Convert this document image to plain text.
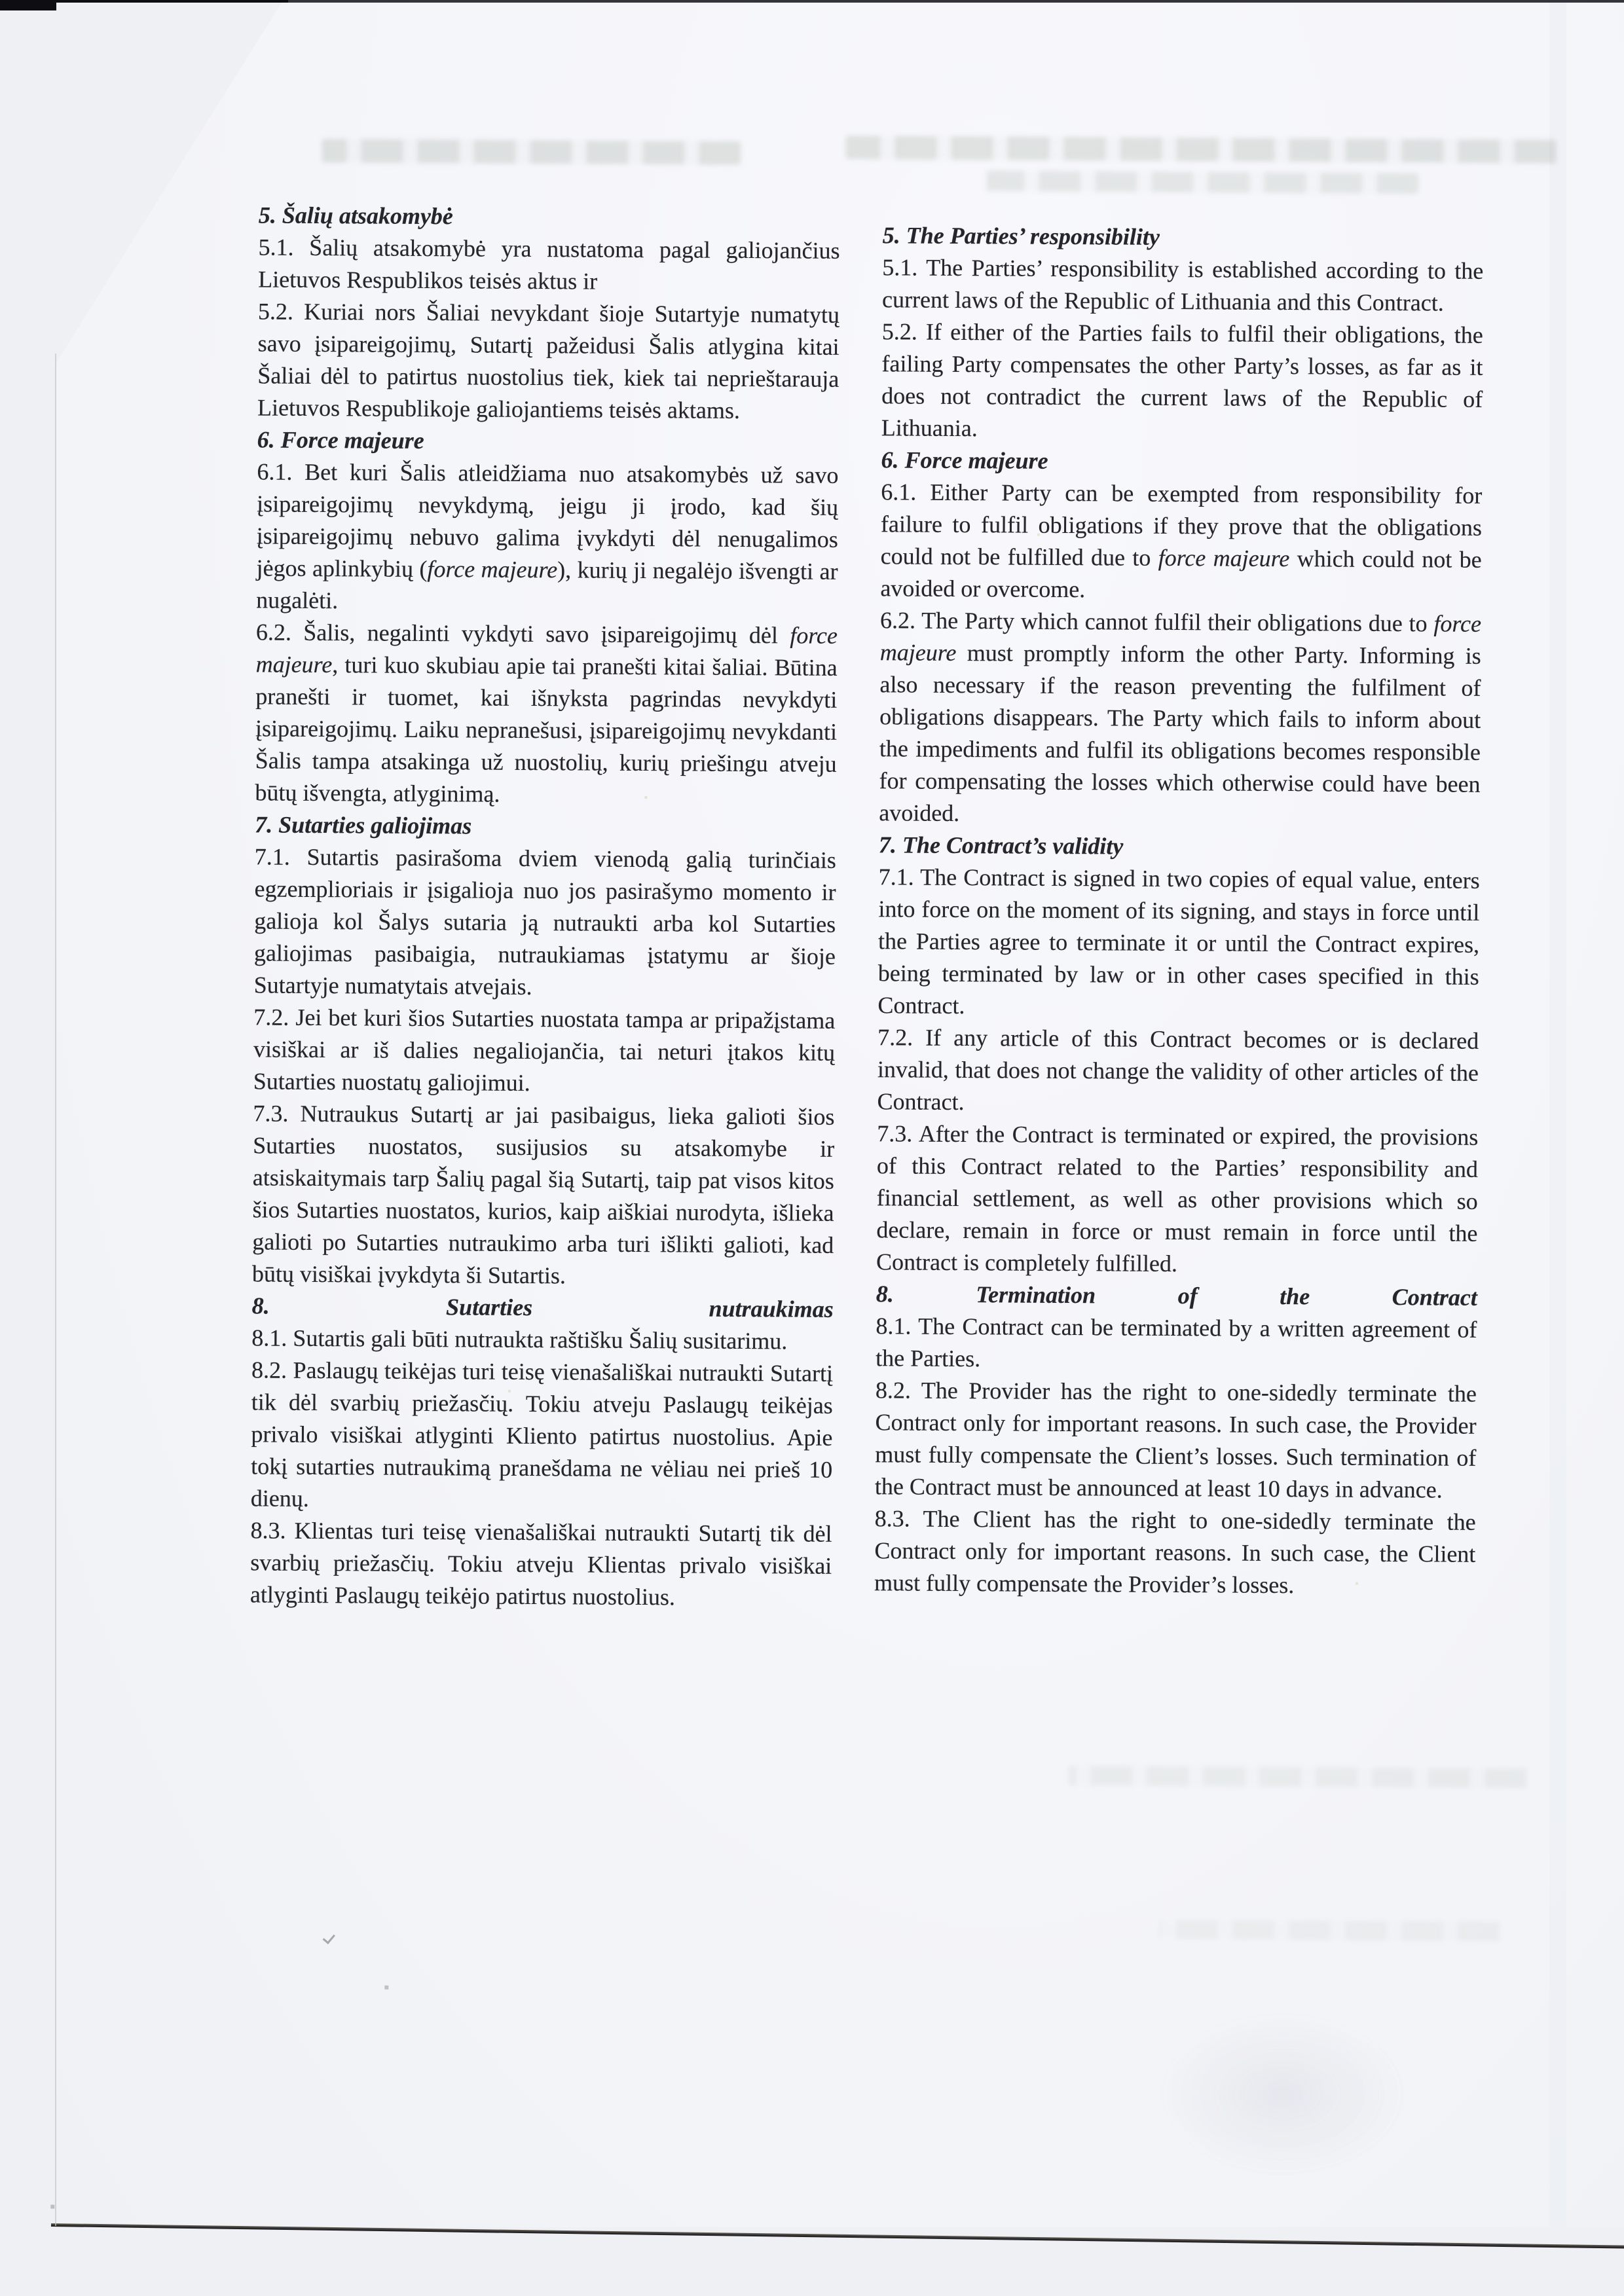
5. Šalių atsakomybė

5.1. Šalių atsakomybė yra nustatoma pagal galiojančius Lietuvos Respublikos teisės aktus ir

5.2. Kuriai nors Šaliai nevykdant šioje Sutartyje numatytų savo įsipareigojimų, Sutartį pažeidusi Šalis atlygina kitai Šaliai dėl to patirtus nuostolius tiek, kiek tai neprieštarauja Lietuvos Respublikoje galiojantiems teisės aktams.

6. Force majeure

6.1. Bet kuri Šalis atleidžiama nuo atsakomybės už savo įsipareigojimų nevykdymą, jeigu ji įrodo, kad šių įsipareigojimų nebuvo galima įvykdyti dėl nenugalimos jėgos aplinkybių (force majeure), kurių ji negalėjo išvengti ar nugalėti.

6.2. Šalis, negalinti vykdyti savo įsipareigojimų dėl force majeure, turi kuo skubiau apie tai pranešti kitai šaliai. Būtina pranešti ir tuomet, kai išnyksta pagrindas nevykdyti įsipareigojimų. Laiku nepranešusi, įsipareigojimų nevykdanti Šalis tampa atsakinga už nuostolių, kurių priešingu atveju būtų išvengta, atlyginimą.

7. Sutarties galiojimas

7.1. Sutartis pasirašoma dviem vienodą galią turinčiais egzemplioriais ir įsigalioja nuo jos pasirašymo momento ir galioja kol Šalys sutaria ją nutraukti arba kol Sutarties galiojimas pasibaigia, nutraukiamas įstatymu ar šioje Sutartyje numatytais atvejais.

7.2. Jei bet kuri šios Sutarties nuostata tampa ar pripažįstama visiškai ar iš dalies negaliojančia, tai neturi įtakos kitų Sutarties nuostatų galiojimui.

7.3. Nutraukus Sutartį ar jai pasibaigus, lieka galioti šios Sutarties nuostatos, susijusios su atsakomybe ir atsiskaitymais tarp Šalių pagal šią Sutartį, taip pat visos kitos šios Sutarties nuostatos, kurios, kaip aiškiai nurodyta, išlieka galioti po Sutarties nutraukimo arba turi išlikti galioti, kad būtų visiškai įvykdyta ši Sutartis.

8. Sutarties nutraukimas

8.1. Sutartis gali būti nutraukta raštišku Šalių susitarimu.

8.2. Paslaugų teikėjas turi teisę vienašališkai nutraukti Sutartį tik dėl svarbių priežasčių. Tokiu atveju Paslaugų teikėjas privalo visiškai atlyginti Kliento patirtus nuostolius. Apie tokį sutarties nutraukimą pranešdama ne vėliau nei prieš 10 dienų.

8.3. Klientas turi teisę vienašališkai nutraukti Sutartį tik dėl svarbių priežasčių. Tokiu atveju Klientas privalo visiškai atlyginti Paslaugų teikėjo patirtus nuostolius.

5. The Parties’ responsibility

5.1. The Parties’ responsibility is established according to the current laws of the Republic of Lithuania and this Contract.

5.2. If either of the Parties fails to fulfil their obligations, the failing Party compensates the other Party’s losses, as far as it does not contradict the current laws of the Republic of Lithuania.

6. Force majeure

6.1. Either Party can be exempted from responsibility for failure to fulfil obligations if they prove that the obligations could not be fulfilled due to force majeure which could not be avoided or overcome.

6.2. The Party which cannot fulfil their obligations due to force majeure must promptly inform the other Party. Informing is also necessary if the reason preventing the fulfilment of obligations disappears. The Party which fails to inform about the impediments and fulfil its obligations becomes responsible for compensating the losses which otherwise could have been avoided.

7. The Contract’s validity

7.1. The Contract is signed in two copies of equal value, enters into force on the moment of its signing, and stays in force until the Parties agree to terminate it or until the Contract expires, being terminated by law or in other cases specified in this Contract.

7.2. If any article of this Contract becomes or is declared invalid, that does not change the validity of other articles of the Contract.

7.3. After the Contract is terminated or expired, the provisions of this Contract related to the Parties’ responsibility and financial settlement, as well as other provisions which so declare, remain in force or must remain in force until the Contract is completely fulfilled.

8. Termination of the Contract

8.1. The Contract can be terminated by a written agreement of the Parties.

8.2. The Provider has the right to one-sidedly terminate the Contract only for important reasons. In such case, the Provider must fully compensate the Client’s losses. Such termination of the Contract must be announced at least 10 days in advance.

8.3. The Client has the right to one-sidedly terminate the Contract only for important reasons. In such case, the Client must fully compensate the Provider’s losses.
